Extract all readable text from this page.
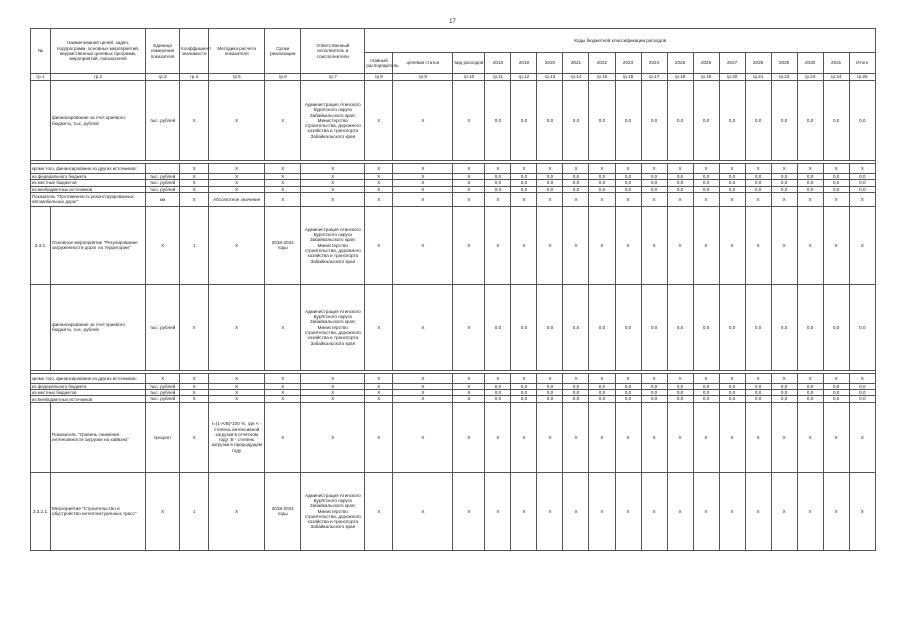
17
№	Наименование целей, задач, подпрограмм, основных мероприятий, ведомственных целевых программ, мероприятий, показателей	Единица измерения показателя	Коэффициент значимости	Методика расчета показателя	Сроки реализации	Ответственный исполнитель и соисполнители	Коды бюджетной классификации расходов																	
							главный распорядитель	целевая статья	вид расходов	2018	2019	2020	2021	2022	2023	2024	2025	2026	2027	2028	2029	2030	2031	Итого
гр.1	гр.2	гр.3	гр.4	гр.5	гр.6	гр.7	гр.8	гр.9	гр.10	гр.11	гр.12	гр.13	гр.14	гр.15	гр.16	гр.17	гр.18	гр.19	гр.20	гр.21	гр.22	гр.23	гр.24	гр.25
	финансирование за счет краевого бюджета, тыс. рублей	тыс. рублей	Х	Х	Х	Администрация Агинского Бурятского округа Забайкальского края; Министерство строительства, дорожного хозяйства и транспорта Забайкальского края	Х	Х	Х	0,0	0,0	0,0	0,0	0,0	0,0	0,0	0,0	0,0	0,0	0,0	0,0	0,0	0,0	0,0

кроме того, финансирование из других источников:			Х	Х	Х	Х	Х	Х	Х	Х	Х	Х	Х	Х	Х	Х	Х	Х	Х	Х	Х	Х	Х	Х
из федерального бюджета		тыс. рублей	Х	Х	Х	Х	Х	Х	Х	0,0	0,0	0,0	0,0	0,0	0,0	0,0	0,0	0,0	0,0	0,0	0,0	0,0	0,0	0,0
из местных бюджетов		тыс. рублей	Х	Х	Х	Х	Х	Х	Х	0,0	0,0	0,0	0,0	0,0	0,0	0,0	0,0	0,0	0,0	0,0	0,0	0,0	0,0	0,0
из внебюджетных источников		тыс. рублей	Х	Х	Х	Х	Х	Х	Х	0,0	0,0	0,0	0,0	0,0	0,0	0,0	0,0	0,0	0,0	0,0	0,0	0,0	0,0	0,0
Показатель "Протяженность реконструированных автомобильных дорог"		км	Х	Абсолютное значение	Х	Х	Х	Х	Х	Х	Х	Х	Х	Х	Х	Х	Х	Х	Х	Х	Х	Х	Х	Х
3.3.2.	Основное мероприятие "Регулирование загруженности дорог на территории"	Х	1	Х	2018-2024 годы	Администрация Агинского Бурятского округа Забайкальского края; Министерство строительства, дорожного хозяйства и транспорта Забайкальского края	Х	Х	Х	Х	Х	Х	Х	Х	Х	Х	Х	Х	Х	Х	Х	Х	Х	Х
	финансирование за счет краевого бюджета, тыс. рублей	тыс. рублей	Х	Х	Х	Администрация Агинского Бурятского округа Забайкальского края; Министерство строительства, дорожного хозяйства и транспорта Забайкальского края	Х	Х	Х	0,0	0,0	0,0	0,0	0,0	0,0	0,0	0,0	0,0	0,0	0,0	0,0	0,0	0,0	0,0

кроме того, финансирование из других источников:		Х	Х	Х	Х	Х	Х	Х	Х	Х	Х	Х	Х	Х	Х	Х	Х	Х	Х	Х	Х	Х	Х	Х
из федерального бюджета		тыс. рублей	Х	Х	Х	Х	Х	Х	Х	0,0	0,0	0,0	0,0	0,0	0,0	0,0	0,0	0,0	0,0	0,0	0,0	0,0	0,0	0,0
из местных бюджетов		тыс. рублей	Х	Х	Х	Х	Х	Х	Х	0,0	0,0	0,0	0,0	0,0	0,0	0,0	0,0	0,0	0,0	0,0	0,0	0,0	0,0	0,0
из внебюджетных источников		тыс. рублей	Х	Х	Х	Х	Х	Х	Х	0,0	0,0	0,0	0,0	0,0	0,0	0,0	0,0	0,0	0,0	0,0	0,0	0,0	0,0	0,0
	Показатель "Уровень снижения интенсивности загрузки на хайвэях"	процент	Х	I=(1-A/B)*100 %, где А - степень интенсивной загрузки в отчётном году; В - степень загрузки в предыдущем году	Х	Х	Х	Х	Х	Х	Х	Х	Х	Х	Х	Х	Х	Х	Х	Х	Х	Х	Х	Х
3.3.2.1.	Мероприятие "Строительство и обустройство интеллектуальных трасс"	Х	1	Х	2018-2024 годы	Администрация Агинского Бурятского округа Забайкальского края; Министерство строительства, дорожного хозяйства и транспорта Забайкальского края	Х	Х	Х	Х	Х	Х	Х	Х	Х	Х	Х	Х	Х	Х	Х	Х	Х	Х
